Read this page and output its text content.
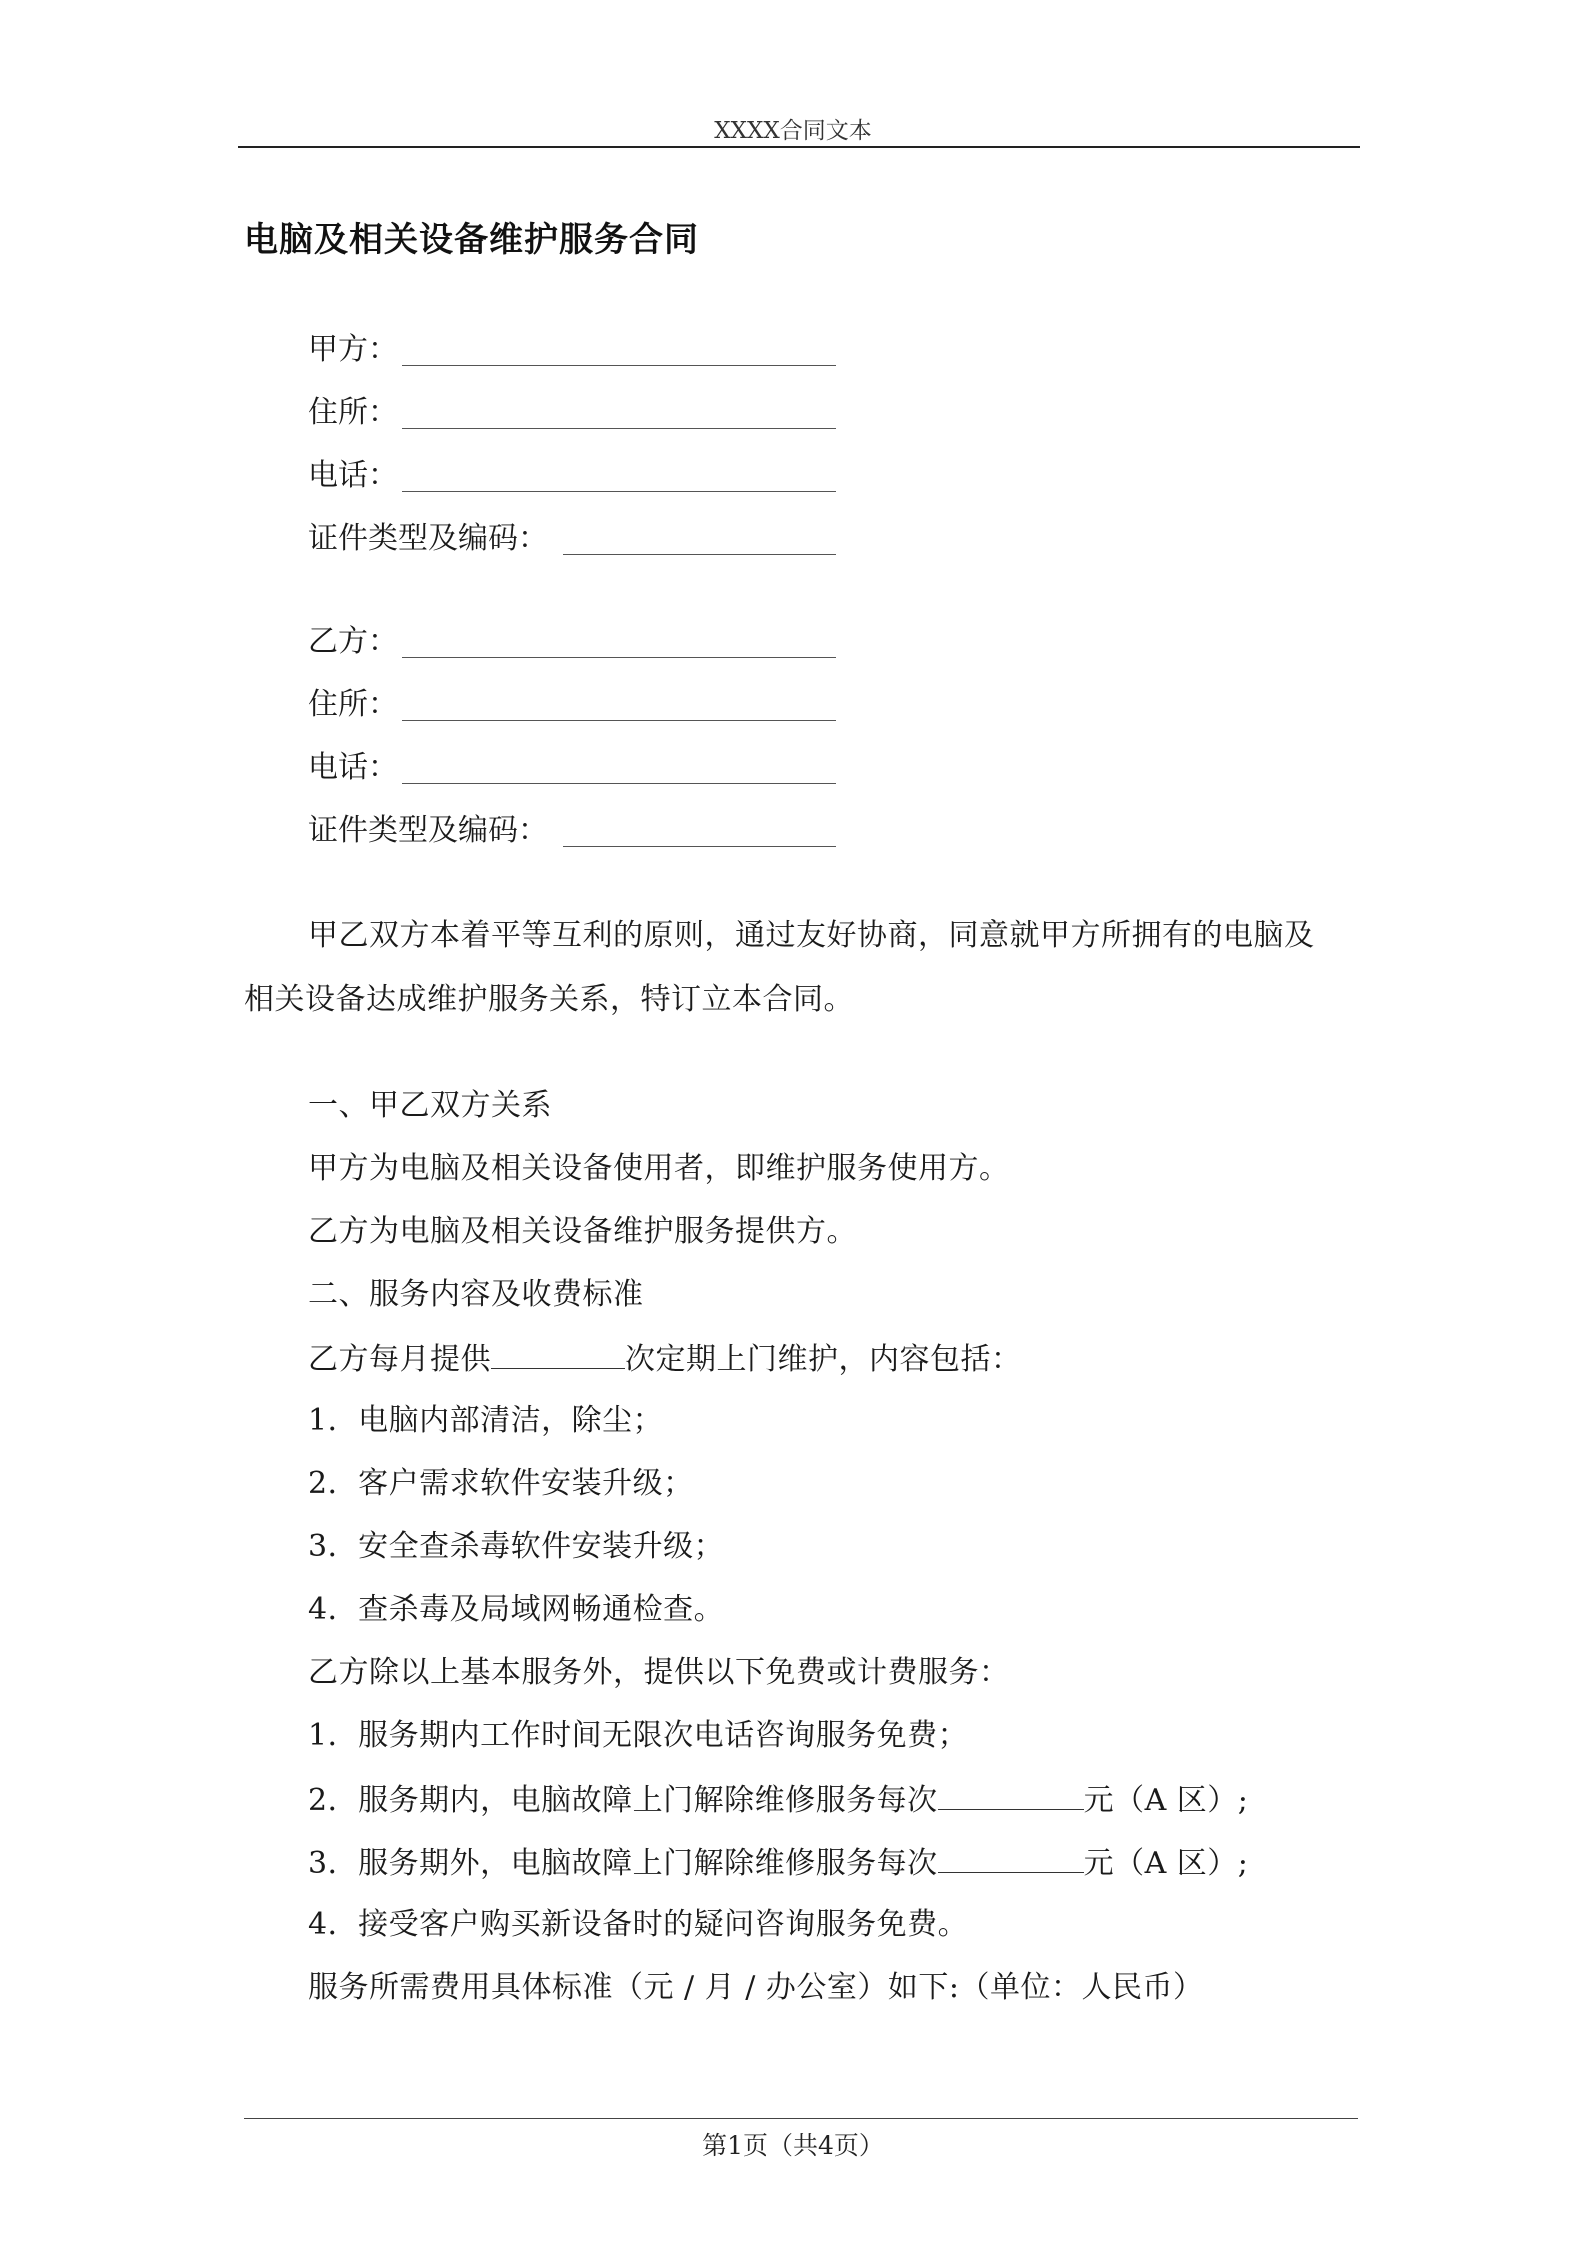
XXXX合同文本
电脑及相关设备维护服务合同
甲方：
住所：
电话：
证件类型及编码：
乙方：
住所：
电话：
证件类型及编码：
甲乙双方本着平等互利的原则，通过友好协商，同意就甲方所拥有的电脑及
相关设备达成维护服务关系，特订立本合同。
一、甲乙双方关系
甲方为电脑及相关设备使用者，即维护服务使用方。
乙方为电脑及相关设备维护服务提供方。
二、服务内容及收费标准
乙方每月提供	次定期上门维护，内容包括：
1．电脑内部清洁，除尘；
2．客户需求软件安装升级；
3．安全查杀毒软件安装升级；
4．查杀毒及局域网畅通检查。
乙方除以上基本服务外，提供以下免费或计费服务：
1．服务期内工作时间无限次电话咨询服务免费；
2．服务期内，电脑故障上门解除维修服务每次	元（A 区）;
3．服务期外，电脑故障上门解除维修服务每次	元（A 区）;
4．接受客户购买新设备时的疑问咨询服务免费。
服务所需费用具体标准（元 / 月 / 办公室）如下:（单位：人民币）
第1页（共4页）
